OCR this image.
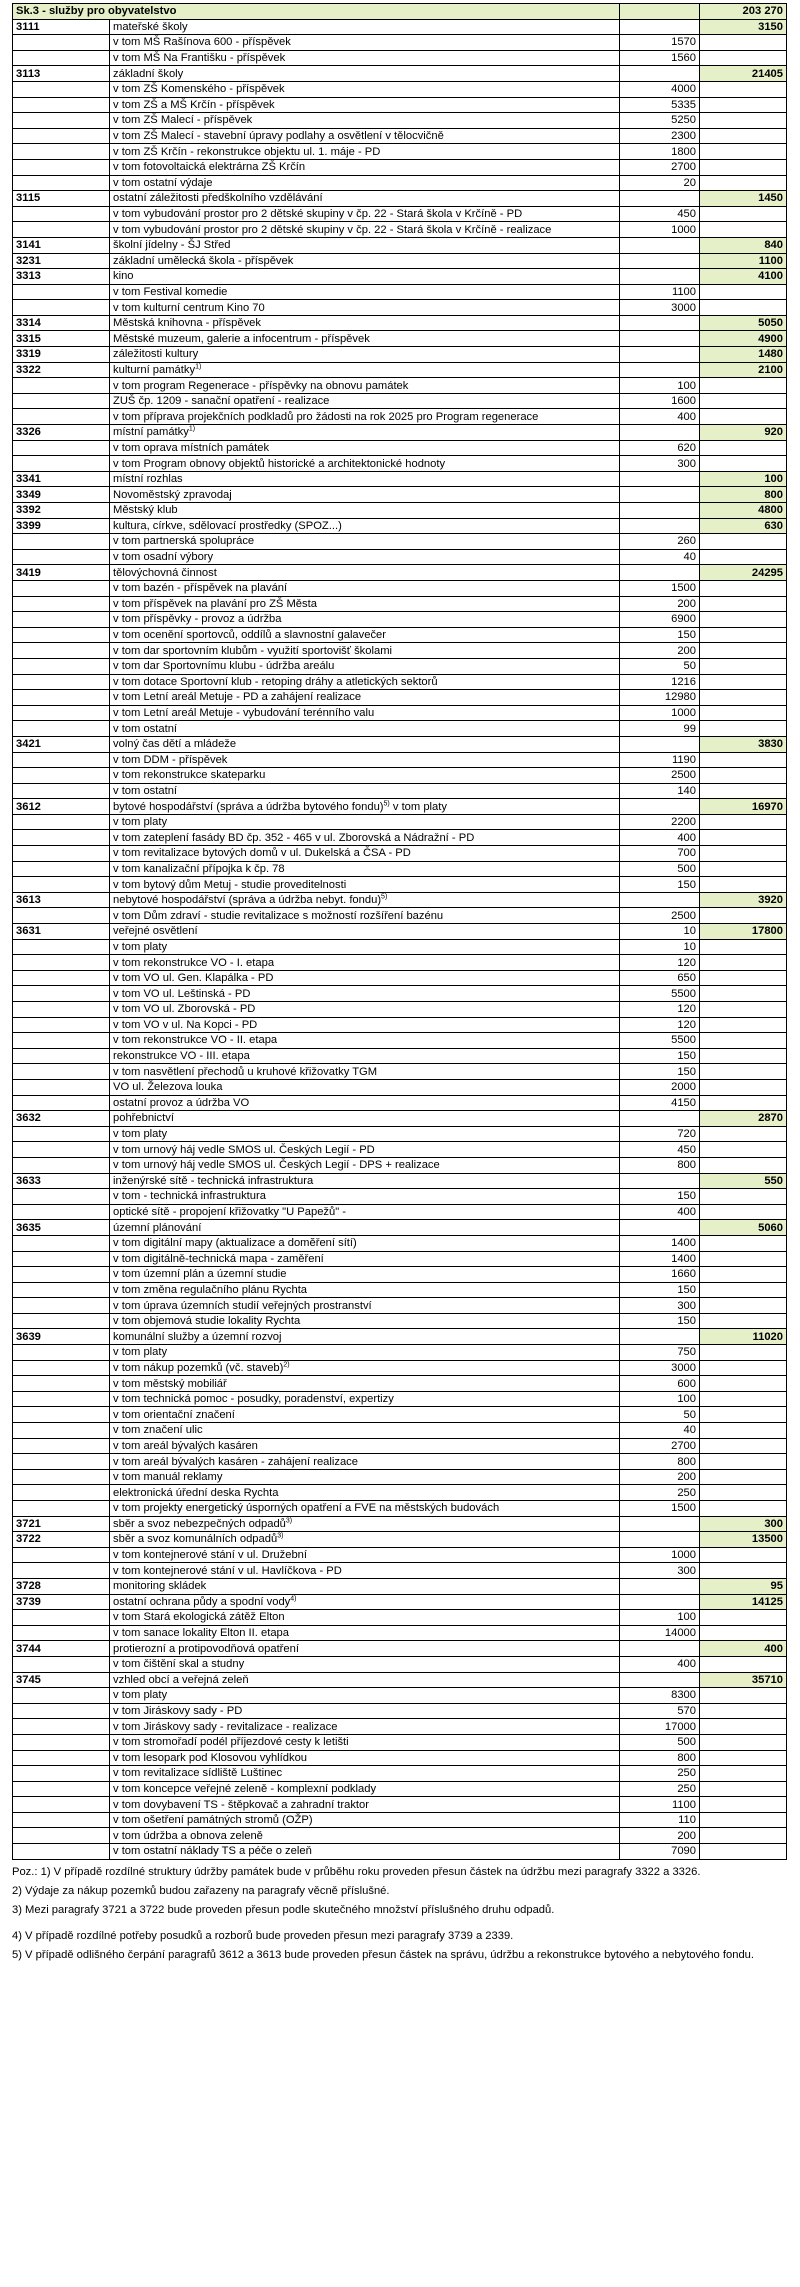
Sk.3 - služby pro obyvatelstvo			203 270
3111	mateřské školy		3150
	v tom MŠ Rašínova 600 - příspěvek	1570	
	v tom MŠ Na Františku - příspěvek	1560	
3113	základní školy		21405
	v tom ZŠ Komenského - příspěvek	4000	
	v tom ZŠ a MŠ Krčín - příspěvek	5335	
	v tom ZŠ Malecí - příspěvek	5250	
	v tom ZŠ Malecí - stavební úpravy podlahy a osvětlení v tělocvičně	2300	
	v tom ZŠ Krčín - rekonstrukce objektu ul. 1. máje - PD	1800	
	v tom fotovoltaická elektrárna ZŠ Krčín	2700	
	v tom ostatní výdaje	20	
3115	ostatní záležitosti předškolního vzdělávání		1450
	v tom vybudování prostor pro 2 dětské skupiny v čp. 22 - Stará škola v Krčíně - PD	450	
	v tom vybudování prostor pro 2 dětské skupiny v čp. 22 - Stará škola v Krčíně - realizace	1000	
3141	školní jídelny - ŠJ Střed		840
3231	základní umělecká škola - příspěvek		1100
3313	kino		4100
	v tom Festival komedie	1100	
	v tom kulturní centrum Kino 70	3000	
3314	Městská knihovna - příspěvek		5050
3315	Městské muzeum, galerie a infocentrum - příspěvek		4900
3319	záležitosti kultury		1480
3322	kulturní památky$^{1)}$		2100
	v tom program Regenerace - příspěvky na obnovu památek	100	
	ZUŠ čp. 1209 - sanační opatření - realizace	1600	
	v tom příprava projekčních podkladů pro žádosti na rok 2025 pro Program regenerace	400	
3326	místní památky$^{1)}$		920
	v tom oprava místních památek	620	
	v tom Program obnovy objektů historické a architektonické hodnoty	300	
3341	místní rozhlas		100
3349	Novoměstský zpravodaj		800
3392	Městský klub		4800
3399	kultura, církve, sdělovací prostředky (SPOZ...)		630
	v tom partnerská spolupráce	260	
	v tom osadní výbory	40	
3419	tělovýchovná činnost		24295
	v tom bazén - příspěvek na plavání	1500	
	v tom příspěvek na plavání pro ZŠ Města	200	
	v tom příspěvky - provoz a údržba	6900	
	v tom ocenění sportovců, oddílů a slavnostní galavečer	150	
	v tom dar sportovním klubům - využití sportovišť školami	200	
	v tom dar Sportovnímu klubu - údržba areálu	50	
	v tom dotace Sportovní klub - retoping dráhy a atletických sektorů	1216	
	v tom Letní areál Metuje - PD a zahájení realizace	12980	
	v tom Letní areál Metuje - vybudování terénního valu	1000	
	v tom ostatní	99	
3421	volný čas dětí a mládeže		3830
	v tom DDM - příspěvek	1190	
	v tom rekonstrukce skateparku	2500	
	v tom ostatní	140	
3612	bytové hospodářství (správa a údržba bytového fondu)$^{5)}$ v tom platy		16970
	v tom platy	2200	
	v tom zateplení fasády BD čp. 352 - 465 v ul. Zborovská a Nádražní - PD	400	
	v tom revitalizace bytových domů v ul. Dukelská a ČSA - PD	700	
	v tom kanalizační přípojka k čp. 78	500	
	v tom bytový dům Metuj - studie proveditelnosti	150	
3613	nebytové hospodářství (správa a údržba nebyt. fondu)$^{5)}$		3920
	v tom Dům zdraví - studie revitalizace s možností rozšíření bazénu	2500	
3631	veřejné osvětlení	10	17800
	v tom platy	10	
	v tom rekonstrukce VO - I. etapa	120	
	v tom VO ul. Gen. Klapálka - PD	650	
	v tom VO ul. Leštinská - PD	5500	
	v tom VO ul. Zborovská - PD	120	
	v tom VO v ul. Na Kopci - PD	120	
	v tom rekonstrukce VO - II. etapa	5500	
	rekonstrukce VO - III. etapa	150	
	v tom nasvětlení přechodů u kruhové křižovatky TGM	150	
	VO ul. Železova louka	2000	
	ostatní provoz a údržba VO	4150	
3632	pohřebnictví		2870
	v tom platy	720	
	v tom urnový háj vedle SMOS ul. Českých Legií - PD	450	
	v tom urnový háj vedle SMOS ul. Českých Legií - DPS + realizace	800	
3633	inženýrské sítě - technická infrastruktura		550
	v tom - technická infrastruktura	150	
	optické sítě - propojení křižovatky "U Papežů" -	400	
3635	územní plánování		5060
	v tom digitální mapy (aktualizace a domĕření sítí)	1400	
	v tom digitálně-technická mapa - zaměření	1400	
	v tom územní plán a územní studie	1660	
	v tom změna regulačního plánu Rychta	150	
	v tom úprava územních studií veřejných prostranství	300	
	v tom objemová studie lokality Rychta	150	
3639	komunální služby a územní rozvoj		11020
	v tom platy	750	
	v tom nákup pozemků (vč. staveb)$^{2)}$	3000	
	v tom městský mobiliář	600	
	v tom technická pomoc - posudky, poradenství, expertizy	100	
	v tom orientační značení	50	
	v tom značení ulic	40	
	v tom areál bývalých kasáren	2700	
	v tom areál bývalých kasáren - zahájení realizace	800	
	v tom manuál reklamy	200	
	elektronická úřední deska Rychta	250	
	v tom projekty energetický úsporných opatření a FVE na městských budovách	1500	
3721	sběr a svoz nebezpečných odpadů$^{3)}$		300
3722	sběr a svoz komunálních odpadů$^{3)}$		13500
	v tom kontejnerové stání v ul. Družební	1000	
	v tom kontejnerové stání v ul. Havlíčkova - PD	300	
3728	monitoring skládek		95
3739	ostatní ochrana půdy a spodní vody$^{4)}$		14125
	v tom Stará ekologická zátěž Elton	100	
	v tom sanace lokality Elton II. etapa	14000	
3744	protierozní a protipovodňová opatření		400
	v tom čištění skal a studny	400	
3745	vzhled obcí a veřejná zeleň		35710
	v tom platy	8300	
	v tom Jiráskovy sady - PD	570	
	v tom Jiráskovy sady - revitalizace - realizace	17000	
	v tom stromořadí podél příjezdové cesty k letišti	500	
	v tom lesopark pod Klosovou vyhlídkou	800	
	v tom revitalizace sídliště Luštinec	250	
	v tom koncepce veřejné zeleně - komplexní podklady	250	
	v tom dovybavení TS - štěpkovač a zahradní traktor	1100	
	v tom ošetření památných stromů (OŽP)	110	
	v tom údržba a obnova zeleně	200	
	v tom ostatní náklady TS a péče o zeleň	7090	

Poz.: 1) V případě rozdílné struktury údržby památek bude v průběhu roku proveden přesun částek na údržbu mezi paragrafy 3322 a 3326.

2) Výdaje za nákup pozemků budou zařazeny na paragrafy věcně příslušné.

3) Mezi paragrafy 3721 a 3722 bude proveden přesun podle skutečného množství příslušného druhu odpadů.

4) V případě rozdílné potřeby posudků a rozborů bude proveden přesun mezi paragrafy 3739 a 2339.

5) V případě odlišného čerpání paragrafů 3612 a 3613 bude proveden přesun částek na správu, údržbu a rekonstrukce bytového a nebytového fondu.
